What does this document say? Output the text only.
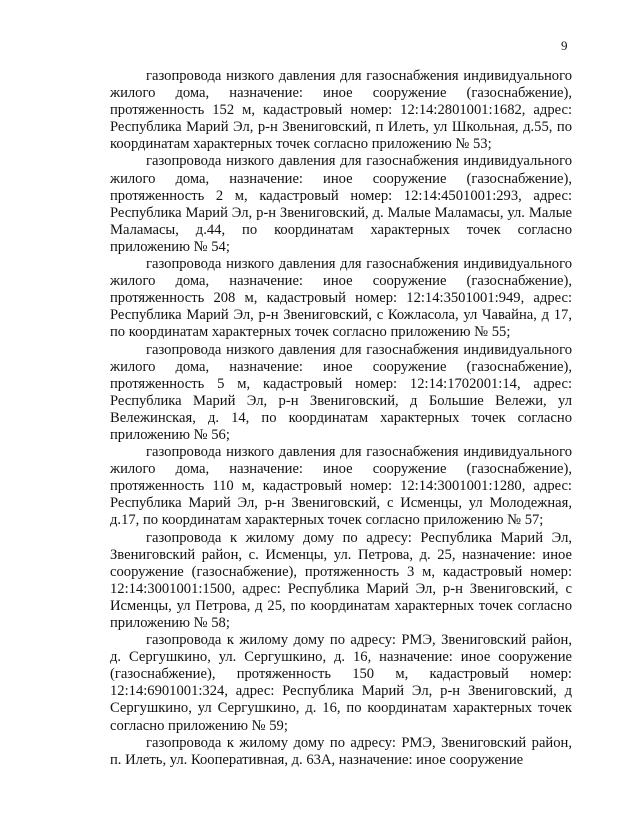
9

газопровода низкого давления для газоснабжения индивидуального жилого дома, назначение: иное сооружение (газоснабжение), протяженность 152 м, кадастровый номер: 12:14:2801001:1682, адрес: Республика Марий Эл, р-н Звениговский, п Илеть, ул Школьная, д.55, по координатам характерных точек согласно приложению № 53;

газопровода низкого давления для газоснабжения индивидуального жилого дома, назначение: иное сооружение (газоснабжение), протяженность 2 м, кадастровый номер: 12:14:4501001:293, адрес: Республика Марий Эл, р-н Звениговский, д. Малые Маламасы, ул. Малые Маламасы, д.44, по координатам характерных точек согласно приложению № 54;

газопровода низкого давления для газоснабжения индивидуального жилого дома, назначение: иное сооружение (газоснабжение), протяженность 208 м, кадастровый номер: 12:14:3501001:949, адрес: Республика Марий Эл, р-н Звениговский, с Кожласола, ул Чавайна, д 17, по координатам характерных точек согласно приложению № 55;

газопровода низкого давления для газоснабжения индивидуального жилого дома, назначение: иное сооружение (газоснабжение), протяженность 5 м, кадастровый номер: 12:14:1702001:14, адрес: Республика Марий Эл, р-н Звениговский, д Большие Вележи, ул Вележинская, д. 14, по координатам характерных точек согласно приложению № 56;

газопровода низкого давления для газоснабжения индивидуального жилого дома, назначение: иное сооружение (газоснабжение), протяженность 110 м, кадастровый номер: 12:14:3001001:1280, адрес: Республика Марий Эл, р-н Звениговский, с Исменцы, ул Молодежная, д.17, по координатам характерных точек согласно приложению № 57;

газопровода к жилому дому по адресу: Республика Марий Эл, Звениговский район, с. Исменцы, ул. Петрова, д. 25, назначение: иное сооружение (газоснабжение), протяженность 3 м, кадастровый номер: 12:14:3001001:1500, адрес: Республика Марий Эл, р-н Звениговский, с Исменцы, ул Петрова, д 25, по координатам характерных точек согласно приложению № 58;

газопровода к жилому дому по адресу: РМЭ, Звениговский район, д. Сергушкино, ул. Сергушкино, д. 16, назначение: иное сооружение (газоснабжение), протяженность 150 м, кадастровый номер: 12:14:6901001:324, адрес: Республика Марий Эл, р-н Звениговский, д Сергушкино, ул Сергушкино, д. 16, по координатам характерных точек согласно приложению № 59;

газопровода к жилому дому по адресу: РМЭ, Звениговский район, п. Илеть, ул. Кооперативная, д. 63А, назначение: иное сооружение
